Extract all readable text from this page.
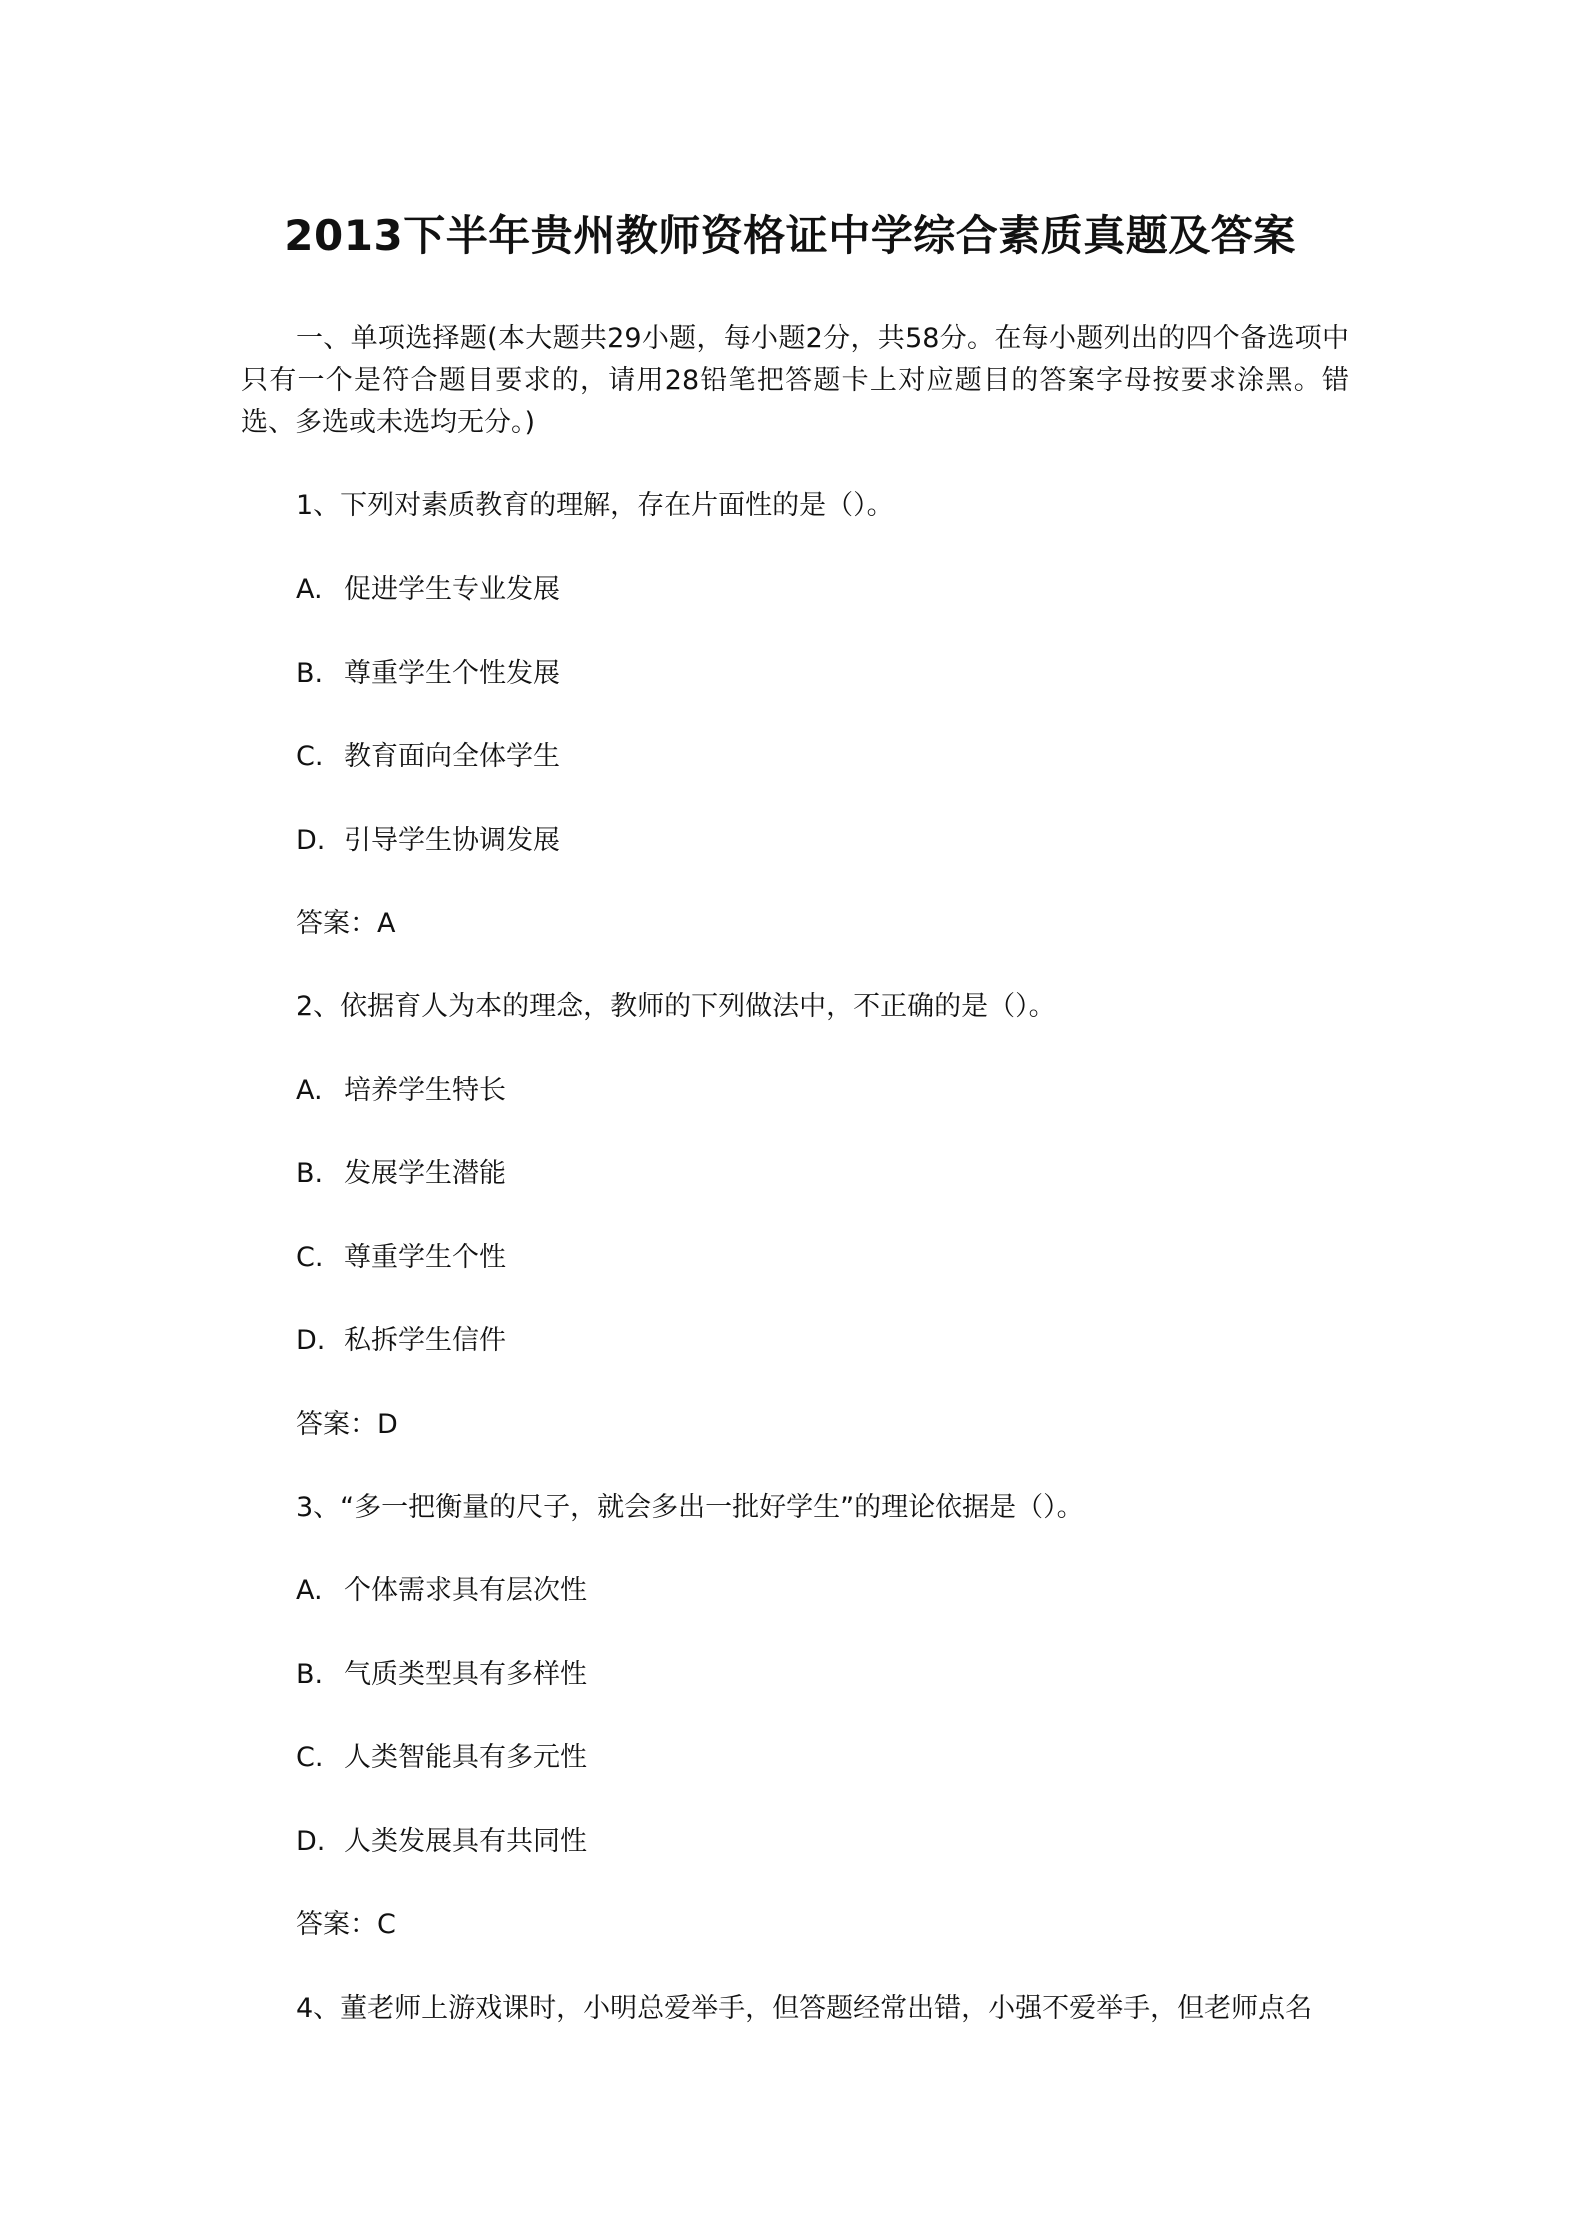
2013下半年贵州教师资格证中学综合素质真题及答案

一、单项选择题(本大题共29小题，每小题2分，共58分。在每小题列出的四个备选项中只有一个是符合题目要求的，请用28铅笔把答题卡上对应题目的答案字母按要求涂黑。错选、多选或未选均无分。)

1、下列对素质教育的理解，存在片面性的是（）。

A. 促进学生专业发展

B. 尊重学生个性发展

C. 教育面向全体学生

D. 引导学生协调发展

答案：A

2、依据育人为本的理念，教师的下列做法中，不正确的是（）。

A. 培养学生特长

B. 发展学生潜能

C. 尊重学生个性

D. 私拆学生信件

答案：D

3、“多一把衡量的尺子，就会多出一批好学生”的理论依据是（）。

A. 个体需求具有层次性

B. 气质类型具有多样性

C. 人类智能具有多元性

D. 人类发展具有共同性

答案：C

4、董老师上游戏课时，小明总爱举手，但答题经常出错，小强不爱举手，但老师点名
